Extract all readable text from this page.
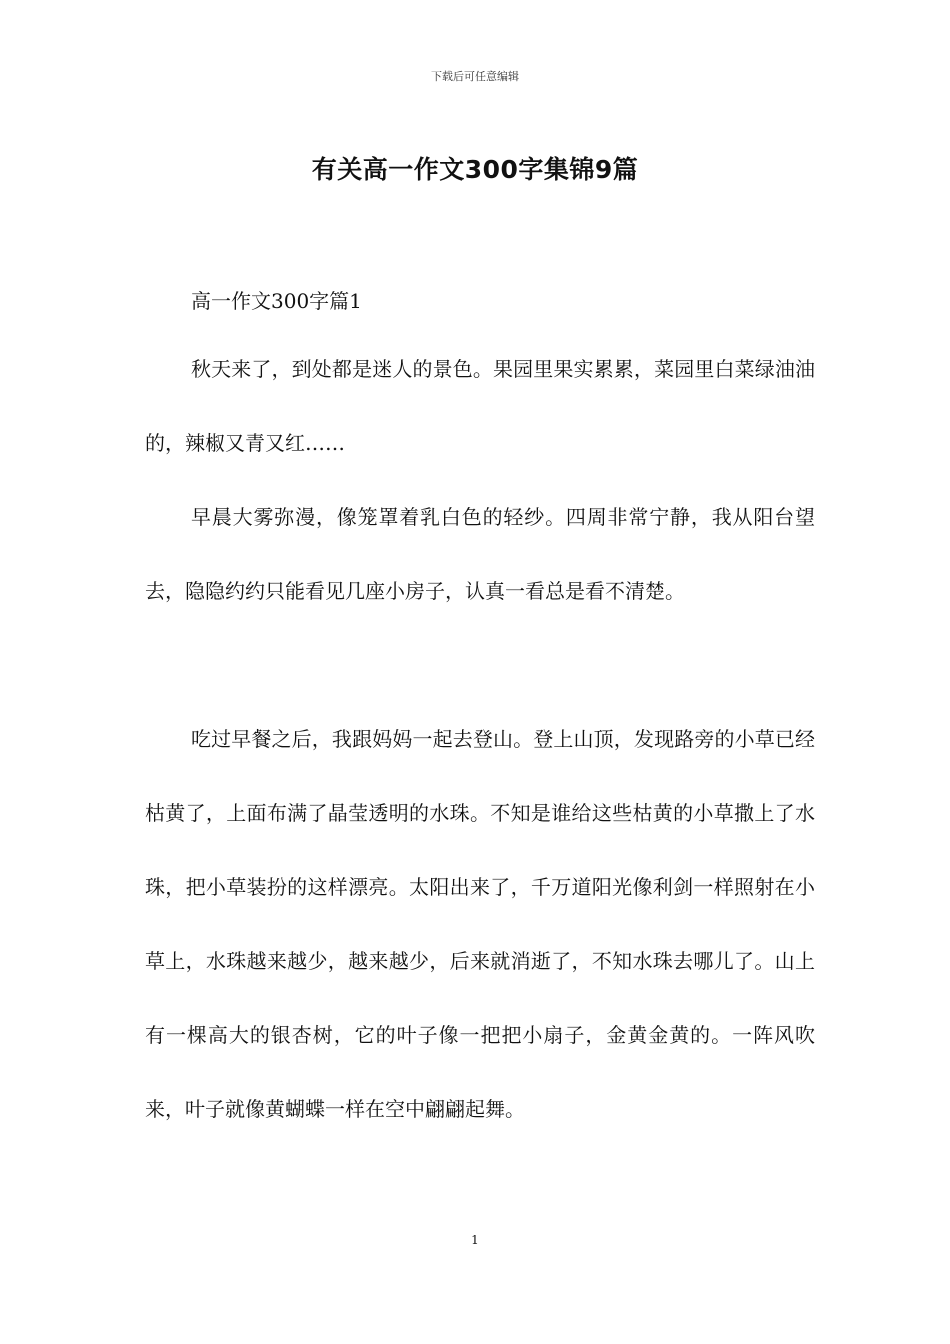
下载后可任意编辑
有关高一作文300字集锦9篇

高一作文300字篇1

秋天来了，到处都是迷人的景色。果园里果实累累，菜园里白菜绿油油的，辣椒又青又红……

早晨大雾弥漫，像笼罩着乳白色的轻纱。四周非常宁静，我从阳台望去，隐隐约约只能看见几座小房子，认真一看总是看不清楚。

吃过早餐之后，我跟妈妈一起去登山。登上山顶，发现路旁的小草已经枯黄了，上面布满了晶莹透明的水珠。不知是谁给这些枯黄的小草撒上了水珠，把小草装扮的这样漂亮。太阳出来了，千万道阳光像利剑一样照射在小草上，水珠越来越少，越来越少，后来就消逝了，不知水珠去哪儿了。山上有一棵高大的银杏树，它的叶子像一把把小扇子，金黄金黄的。一阵风吹来，叶子就像黄蝴蝶一样在空中翩翩起舞。

1
